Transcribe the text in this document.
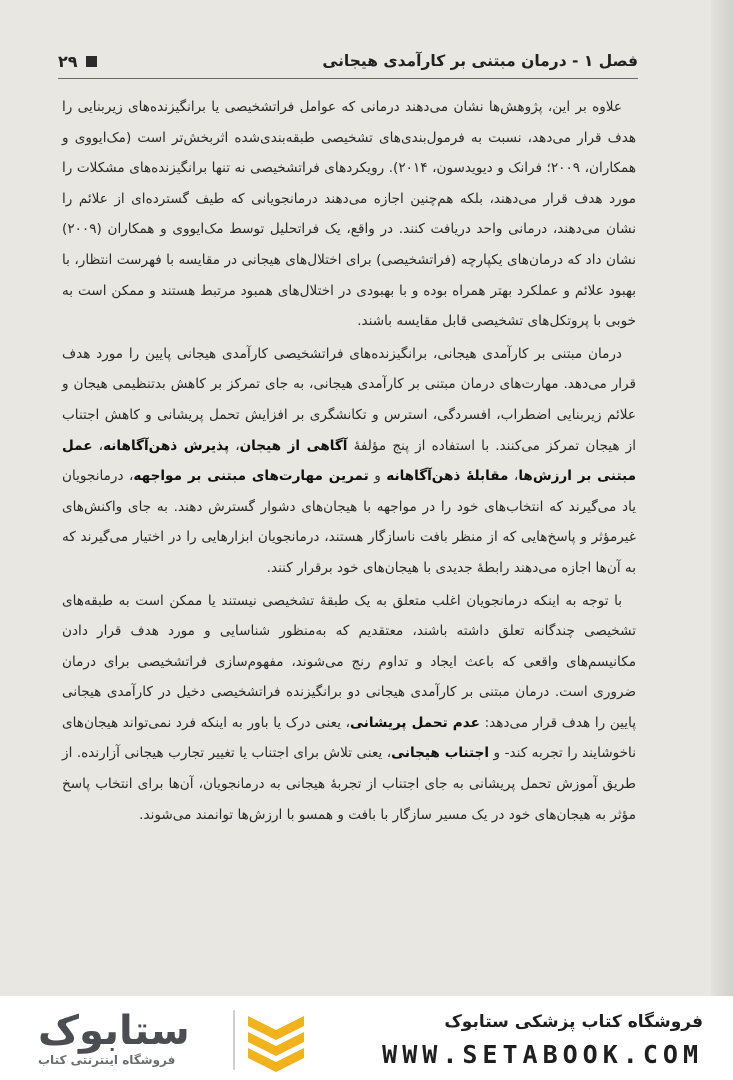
فصل ۱ - درمان مبتنی بر کارآمدی هیجانی
۲۹

علاوه بر این، پژوهش‌ها نشان می‌دهند درمانی که عوامل فراتشخیصی یا برانگیزنده‌های زیربنایی را هدف قرار می‌دهد، نسبت به فرمول‌بندی‌های تشخیصی طبقه‌بندی‌شده اثربخش‌تر است (مک‌ایووی و همکاران، ۲۰۰۹؛ فرانک و دیویدسون، ۲۰۱۴). رویکردهای فراتشخیصی نه تنها برانگیزنده‌های مشکلات را مورد هدف قرار می‌دهند، بلکه هم‌چنین اجازه می‌دهند درمانجویانی که طیف گسترده‌ای از علائم را نشان می‌دهند، درمانی واحد دریافت کنند. در واقع، یک فراتحلیل توسط مک‌ایووی و همکاران (۲۰۰۹) نشان داد که درمان‌های یکپارچه (فراتشخیصی) برای اختلال‌های هیجانی در مقایسه با فهرست انتظار، با بهبود علائم و عملکرد بهتر همراه بوده و با بهبودی در اختلال‌های همبود مرتبط هستند و ممکن است به خوبی با پروتکل‌های تشخیصی قابل مقایسه باشند.

درمان مبتنی بر کارآمدی هیجانی، برانگیزنده‌های فراتشخیصی کارآمدی هیجانی پایین را مورد هدف قرار می‌دهد. مهارت‌های درمان مبتنی بر کارآمدی هیجانی، به جای تمرکز بر کاهش بدتنظیمی هیجان و علائم زیربنایی اضطراب، افسردگی، استرس و تکانشگری بر افزایش تحمل پریشانی و کاهش اجتناب از هیجان تمرکز می‌کنند. با استفاده از پنج مؤلفهٔ آگاهی از هیجان، پذیرش ذهن‌آگاهانه، عمل مبتنی بر ارزش‌ها، مقابلهٔ ذهن‌آگاهانه و تمرین مهارت‌های مبتنی بر مواجهه، درمانجویان یاد می‌گیرند که انتخاب‌های خود را در مواجهه با هیجان‌های دشوار گسترش دهند. به جای واکنش‌های غیرمؤثر و پاسخ‌هایی که از منظر بافت ناسازگار هستند، درمانجویان ابزارهایی را در اختیار می‌گیرند که به آن‌ها اجازه می‌دهند رابطهٔ جدیدی با هیجان‌های خود برقرار کنند.

با توجه به اینکه درمانجویان اغلب متعلق به یک طبقهٔ تشخیصی نیستند یا ممکن است به طبقه‌های تشخیصی چندگانه تعلق داشته باشند، معتقدیم که به‌منظور شناسایی و مورد هدف قرار دادن مکانیسم‌های واقعی که باعث ایجاد و تداوم رنج می‌شوند، مفهوم‌سازی فراتشخیصی برای درمان ضروری است. درمان مبتنی بر کارآمدی هیجانی دو برانگیزنده فراتشخیصی دخیل در کارآمدی هیجانی پایین را هدف قرار می‌دهد: عدم تحمل پریشانی، یعنی درک یا باور به اینکه فرد نمی‌تواند هیجان‌های ناخوشایند را تجربه کند- و اجتناب هیجانی، یعنی تلاش برای اجتناب یا تغییر تجارب هیجانی آزارنده. از طریق آموزش تحمل پریشانی به جای اجتناب از تجربهٔ هیجانی به درمانجویان، آن‌ها برای انتخاب پاسخ مؤثر به هیجان‌های خود در یک مسیر سازگار با بافت و همسو با ارزش‌ها توانمند می‌شوند.

ستابوک
فروشگاه اینترنتی کتاب
فروشگاه کتاب پزشکی ستابوک
WWW.SETABOOK.COM
